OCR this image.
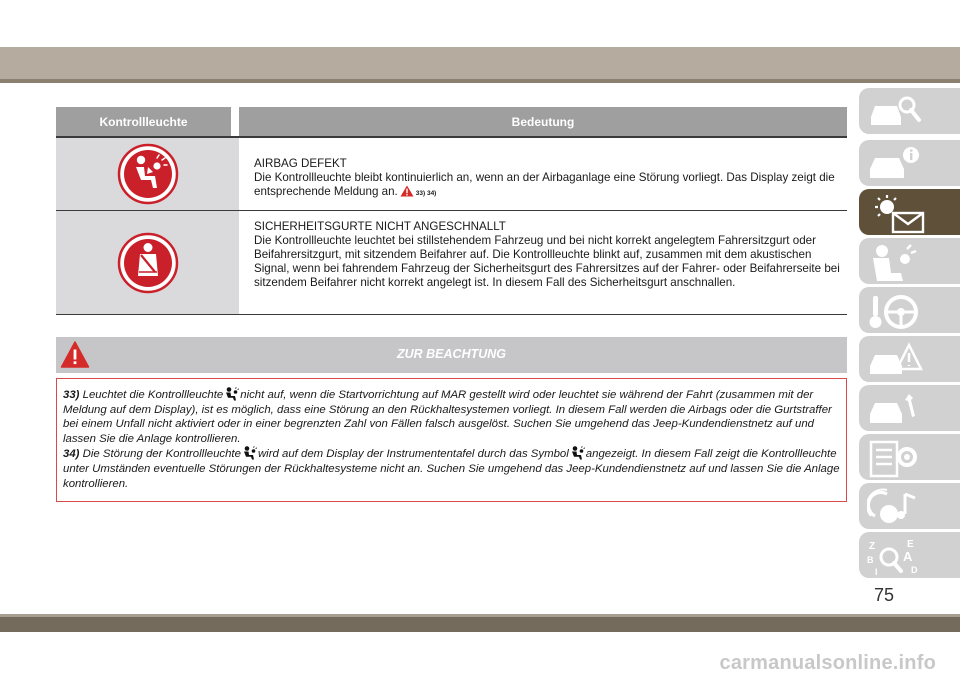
Kontrollleuchte	Bedeutung
AIRBAG DEFEKT
Die Kontrollleuchte bleibt kontinuierlich an, wenn an der Airbaganlage eine Störung vorliegt. Das Display zeigt die entsprechende Meldung an.	33) 34)
SICHERHEITSGURTE NICHT ANGESCHNALLT
Die Kontrollleuchte leuchtet bei stillstehendem Fahrzeug und bei nicht korrekt angelegtem Fahrersitzgurt oder Beifahrersitzgurt, mit sitzendem Beifahrer auf. Die Kontrollleuchte blinkt auf, zusammen mit dem akustischen Signal, wenn bei fahrendem Fahrzeug der Sicherheitsgurt des Fahrersitzes auf der Fahrer- oder Beifahrerseite bei sitzendem Beifahrer nicht korrekt angelegt ist. In diesem Fall des Sicherheitsgurt anschnallen.
ZUR BEACHTUNG
33) Leuchtet die Kontrollleuchte nicht auf, wenn die Startvorrichtung auf MAR gestellt wird oder leuchtet sie während der Fahrt (zusammen mit der Meldung auf dem Display), ist es möglich, dass eine Störung an den Rückhaltesystemen vorliegt. In diesem Fall werden die Airbags oder die Gurtstraffer bei einem Unfall nicht aktiviert oder in einer begrenzten Zahl von Fällen falsch ausgelöst. Suchen Sie umgehend das Jeep-Kundendienstnetz auf und lassen Sie die Anlage kontrollieren.
34) Die Störung der Kontrollleuchte wird auf dem Display der Instrumententafel durch das Symbol angezeigt. In diesem Fall zeigt die Kontrollleuchte unter Umständen eventuelle Störungen der Rückhaltesysteme nicht an. Suchen Sie umgehend das Jeep-Kundendienstnetz auf und lassen Sie die Anlage kontrollieren.
Z	E
B A
I	D
75
carmanualsonline.info
